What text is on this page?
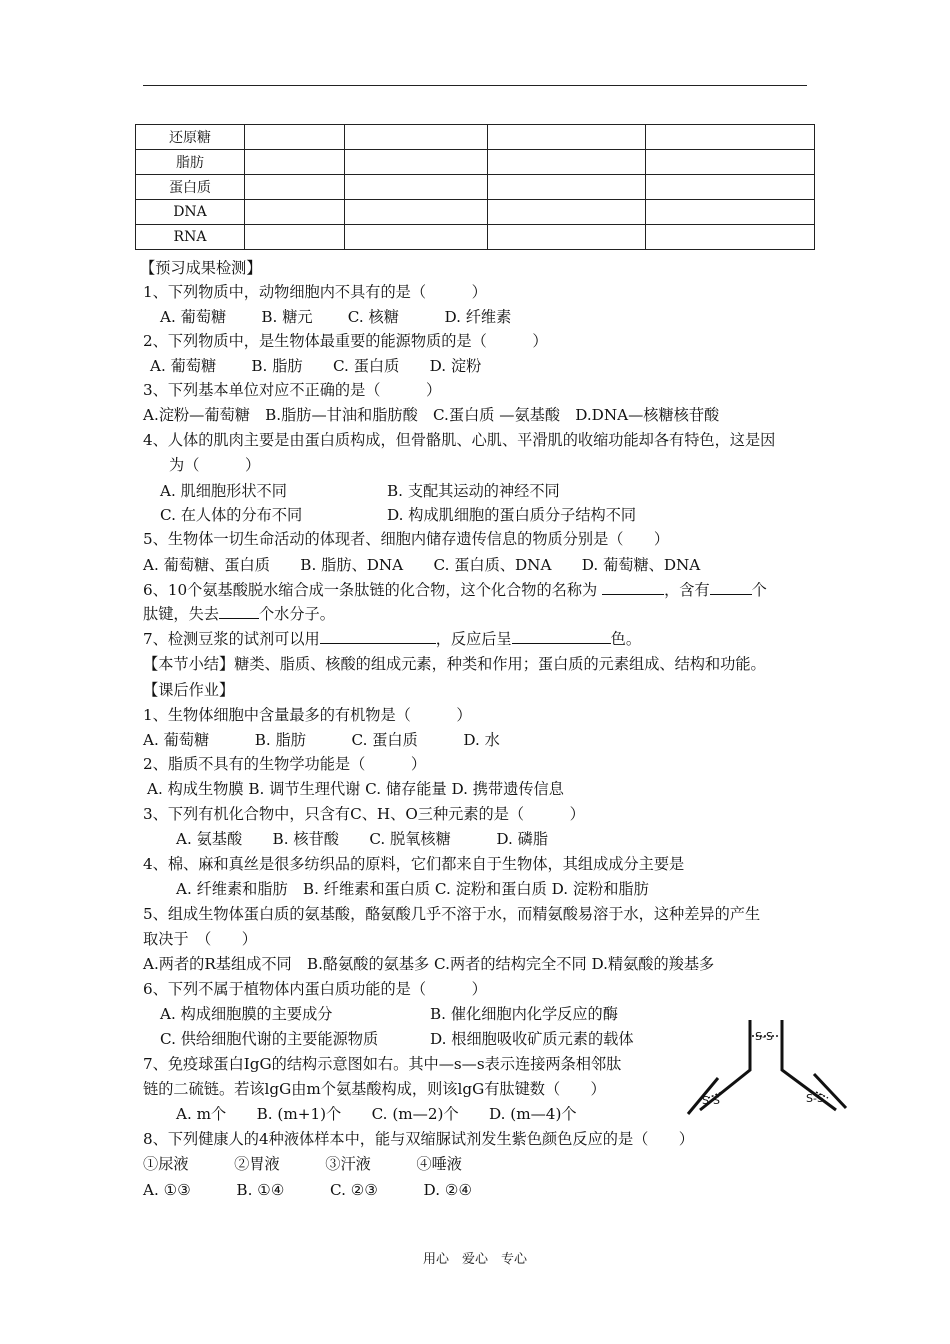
还原糖				
脂肪				
蛋白质				
DNA				
RNA				
【预习成果检测】
1、下列物质中，动物细胞内不具有的是（　　　）
A. 葡萄糖　　 B. 糖元　　 C. 核糖　　　D. 纤维素
2、下列物质中，是生物体最重要的能源物质的是（　　　）
A. 葡萄糖　　 B. 脂肪　　C. 蛋白质　　D. 淀粉
3、下列基本单位对应不正确的是（　　　）
A.淀粉—葡萄糖　B.脂肪—甘油和脂肪酸　C.蛋白质 —氨基酸　D.DNA—核糖核苷酸
4、人体的肌肉主要是由蛋白质构成，但骨骼肌、心肌、平滑肌的收缩功能却各有特色，这是因
为（　　　）
A. 肌细胞形状不同	B. 支配其运动的神经不同
C. 在人体的分布不同	D. 构成肌细胞的蛋白质分子结构不同
5、生物体一切生命活动的体现者、细胞内储存遗传信息的物质分别是（　　）
A. 葡萄糖、蛋白质　　B. 脂肪、DNA　　C. 蛋白质、DNA　　D. 葡萄糖、DNA
6、10个氨基酸脱水缩合成一条肽链的化合物，这个化合物的名称为	，含有	个
肽键，失去	个水分子。
7、检测豆浆的试剂可以用	，反应后呈	色。
【本节小结】糖类、脂质、核酸的组成元素，种类和作用；蛋白质的元素组成、结构和功能。
【课后作业】
1、生物体细胞中含量最多的有机物是（　　　）
A. 葡萄糖　　　B. 脂肪　　　C. 蛋白质　　　D. 水
2、脂质不具有的生物学功能是（　　　）
A. 构成生物膜 B. 调节生理代谢 C. 储存能量 D. 携带遗传信息
3、下列有机化合物中，只含有C、H、O三种元素的是（　　　）
A. 氨基酸　　B. 核苷酸　　C. 脱氧核糖　　　D. 磷脂
4、棉、麻和真丝是很多纺织品的原料，它们都来自于生物体，其组成成分主要是
A. 纤维素和脂肪　B. 纤维素和蛋白质 C. 淀粉和蛋白质 D. 淀粉和脂肪
5、组成生物体蛋白质的氨基酸，酪氨酸几乎不溶于水，而精氨酸易溶于水，这种差异的产生
取决于　（　　）
A.两者的R基组成不同　B.酪氨酸的氨基多 C.两者的结构完全不同 D.精氨酸的羧基多
6、下列不属于植物体内蛋白质功能的是（　　　）
A. 构成细胞膜的主要成分	B. 催化细胞内化学反应的酶
C. 供给细胞代谢的主要能源物质	D. 根细胞吸收矿质元素的载体
7、免疫球蛋白IgG的结构示意图如右。其中—s—s表示连接两条相邻肽
链的二硫链。若该lgG由m个氨基酸构成，则该lgG有肽键数（　　）
A. m个　　B. (m+1)个　　C. (m—2)个　　D. (m—4)个
8、下列健康人的4种液体样本中，能与双缩脲试剂发生紫色颜色反应的是（　　）
①尿液　　　②胃液　　　③汗液　　　④唾液
A. ①③　　　B. ①④　　　C. ②③　　　D. ②④
S-S
S-S	S-S
用心　爱心　专心
